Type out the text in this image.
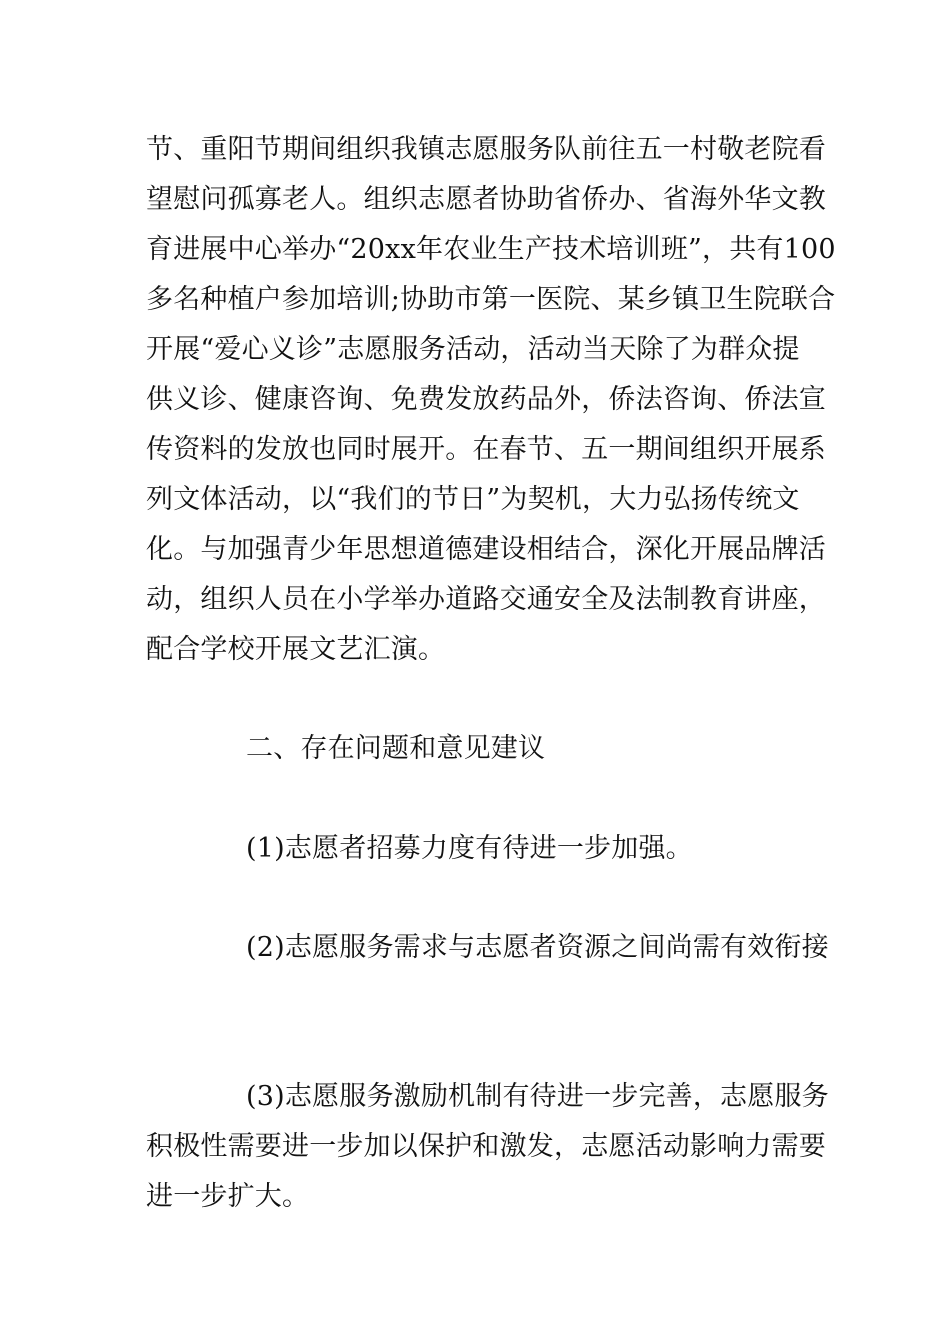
节、重阳节期间组织我镇志愿服务队前往五一村敬老院看
望慰问孤寡老人。组织志愿者协助省侨办、省海外华文教
育进展中心举办“20xx年农业生产技术培训班”，共有100
多名种植户参加培训;协助市第一医院、某乡镇卫生院联合
开展“爱心义诊”志愿服务活动，活动当天除了为群众提
供义诊、健康咨询、免费发放药品外，侨法咨询、侨法宣
传资料的发放也同时展开。在春节、五一期间组织开展系
列文体活动，以“我们的节日”为契机，大力弘扬传统文
化。与加强青少年思想道德建设相结合，深化开展品牌活
动，组织人员在小学举办道路交通安全及法制教育讲座，
配合学校开展文艺汇演。
二、存在问题和意见建议
(1)志愿者招募力度有待进一步加强。
(2)志愿服务需求与志愿者资源之间尚需有效衔接
(3)志愿服务激励机制有待进一步完善，志愿服务
积极性需要进一步加以保护和激发，志愿活动影响力需要
进一步扩大。
